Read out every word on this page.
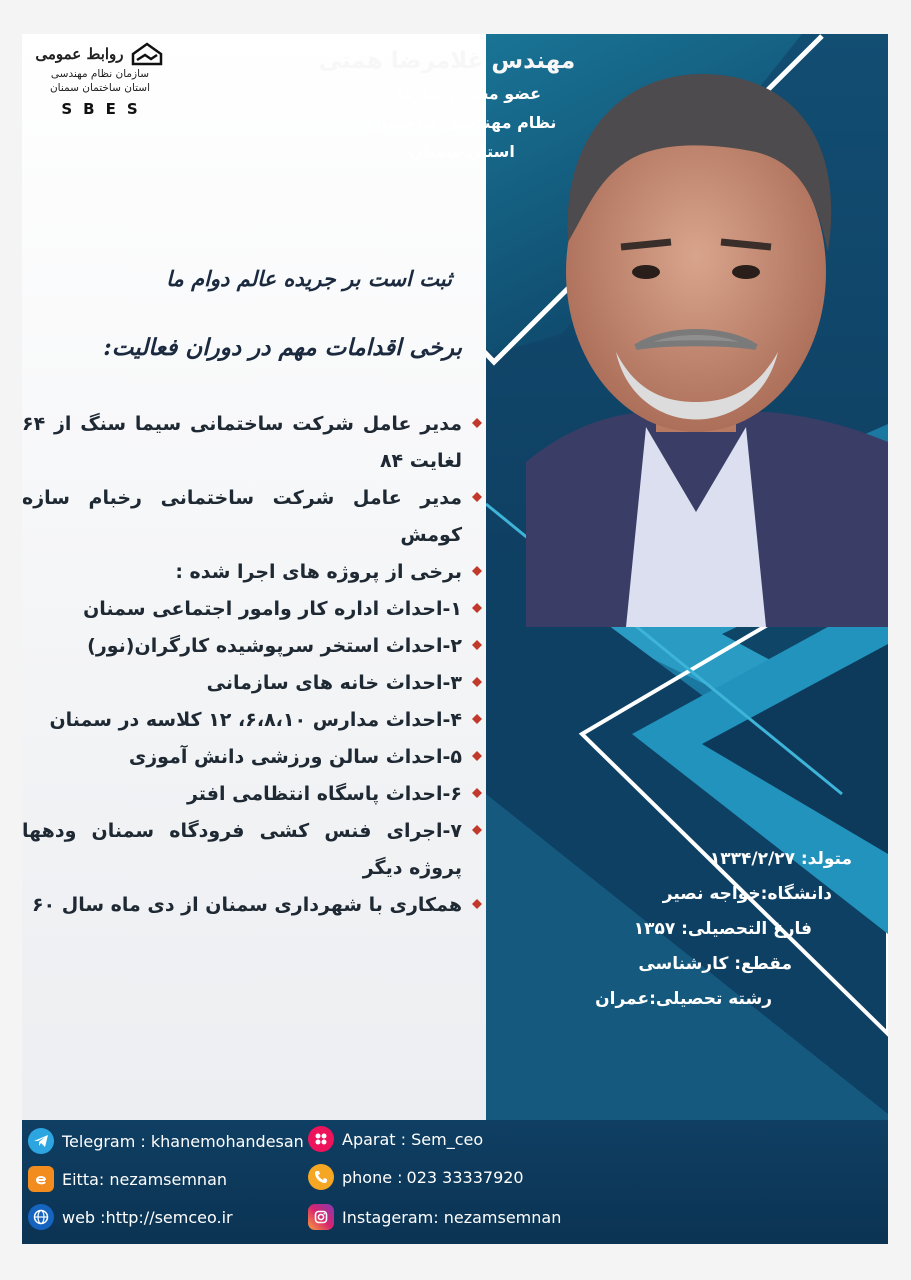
روابط عمومی
سازمان نظام مهندسی
استان ساختمان سمنان
S B E S
مهندس غلامرضا همتی
عضو محترم سازمان
نظام مهندسی ساختمان
استان سمنان
ثبت است بر جریده عالم دوام ما
برخی اقدامات مهم در دوران فعالیت:
مدیر عامل شرکت ساختمانی سیما سنگ از ۶۴ لغایت ۸۴
مدیر عامل شرکت ساختمانی رخبام سازه کومش
برخی از پروژه های اجرا شده :
۱-احداث اداره کار وامور اجتماعی سمنان
۲-احداث استخر سرپوشیده کارگران(نور)
۳-احداث خانه های سازمانی
۴-احداث مدارس ۶،۸،۱۰، ۱۲ کلاسه در سمنان
۵-احداث سالن ورزشی دانش آموزی
۶-احداث پاسگاه انتظامی افتر
۷-اجرای فنس کشی فرودگاه سمنان ودهها پروژه دیگر
همکاری با شهرداری سمنان از دی ماه سال ۶۰
متولد: ۱۳۳۴/۲/۲۷
دانشگاه:خواجه نصیر
فارغ التحصیلی: ۱۳۵۷
مقطع: کارشناسی
رشته تحصیلی:عمران
Telegram : khanemohandesan Aparat : Sem_ceo
Eitta: nezamsemnan	phone : 023 33337920
web :http://semceo.ir	Instageram: nezamsemnan
